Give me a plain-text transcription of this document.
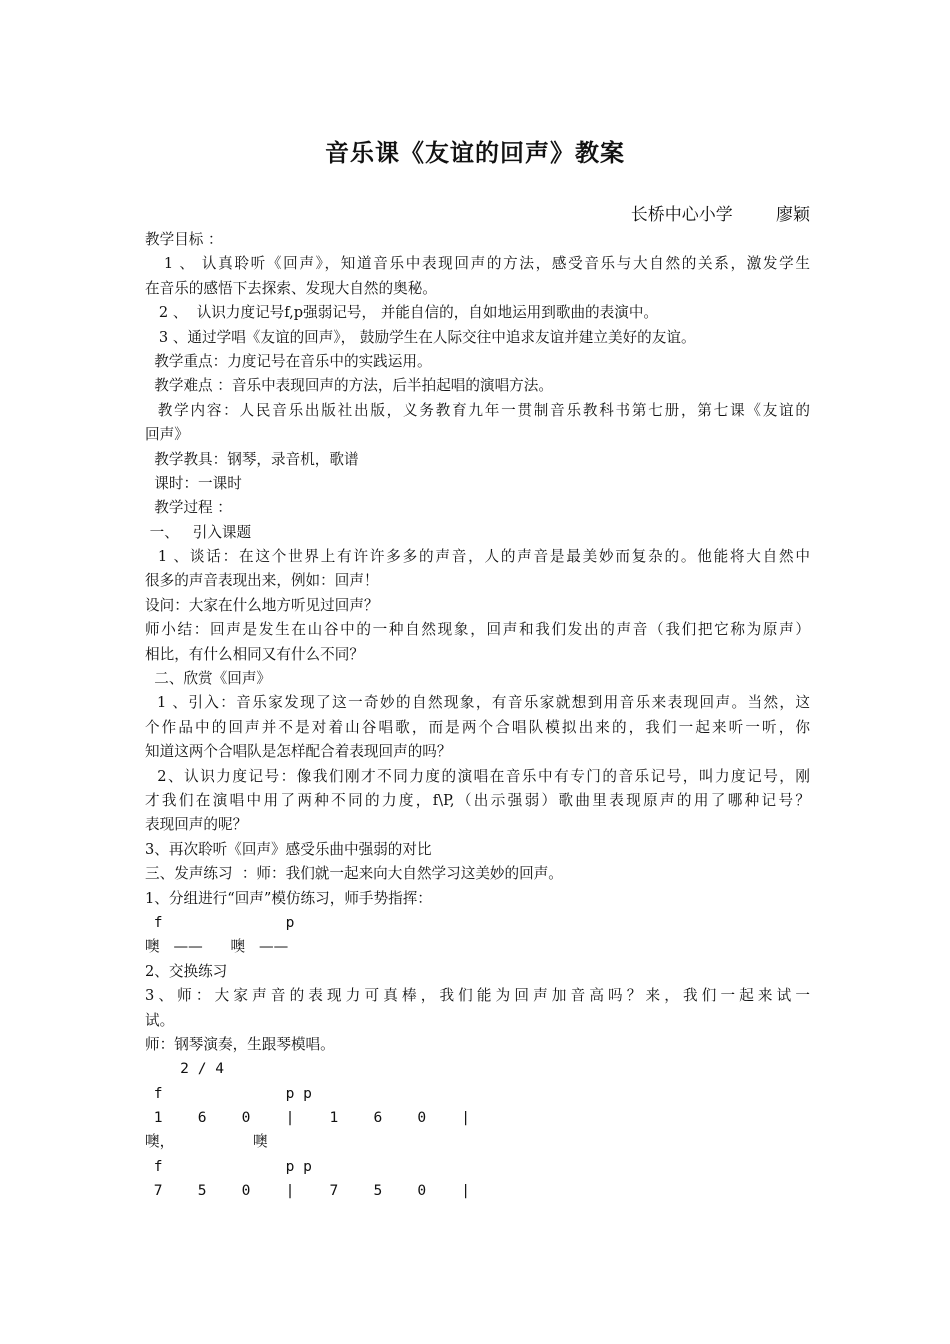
音乐课《友谊的回声》教案
长桥中心小学        廖颖
教学目标 ：
1 、 认真聆听《回声》，知道音乐中表现回声的方法，感受音乐与大自然的关系，激发学生
在音乐的感悟下去探索、发现大自然的奥秘。
2 、  认识力度记号f,p强弱记号， 并能自信的，自如地运用到歌曲的表演中。
3 、通过学唱《友谊的回声》， 鼓励学生在人际交往中追求友谊并建立美好的友谊。
教学重点：力度记号在音乐中的实践运用。
教学难点 ：音乐中表现回声的方法，后半拍起唱的演唱方法。
教学内容：人民音乐出版社出版，义务教育九年一贯制音乐教科书第七册，第七课《友谊的
回声》
教学教具：钢琴，录音机，歌谱
课时：一课时
教学过程 ：
一、   引入课题
1 、谈话：在这个世界上有许许多多的声音，人的声音是最美妙而复杂的。他能将大自然中
很多的声音表现出来，例如：回声！
设问：大家在什么地方听见过回声？
师小结：回声是发生在山谷中的一种自然现象，回声和我们发出的声音（我们把它称为原声）
相比，有什么相同又有什么不同？
二、欣赏《回声》
1 、引入：音乐家发现了这一奇妙的自然现象，有音乐家就想到用音乐来表现回声。当然，这
个作品中的回声并不是对着山谷唱歌，而是两个合唱队模拟出来的，我们一起来听一听，你
知道这两个合唱队是怎样配合着表现回声的吗？
2、认识力度记号：像我们刚才不同力度的演唱在音乐中有专门的音乐记号，叫力度记号，刚
才我们在演唱中用了两种不同的力度，f\P,（出示强弱）歌曲里表现原声的用了哪种记号？
表现回声的呢？
3、再次聆听《回声》感受乐曲中强弱的对比
三、发声练习  ：师：我们就一起来向大自然学习这美妙的回声。
1、分组进行“回声”模仿练习，师手势指挥：
f              p
噢   ——      噢   ——
2、交换练习
3、师：大家声音的表现力可真棒，我们能为回声加音高吗？来，我们一起来试一
试。
师：钢琴演奏，生跟琴模唱。
2 / 4
f              p p
1    6    0    |    1    6    0    |
噢，                 噢
f              p p
7    5    0    |    7    5    0    |
